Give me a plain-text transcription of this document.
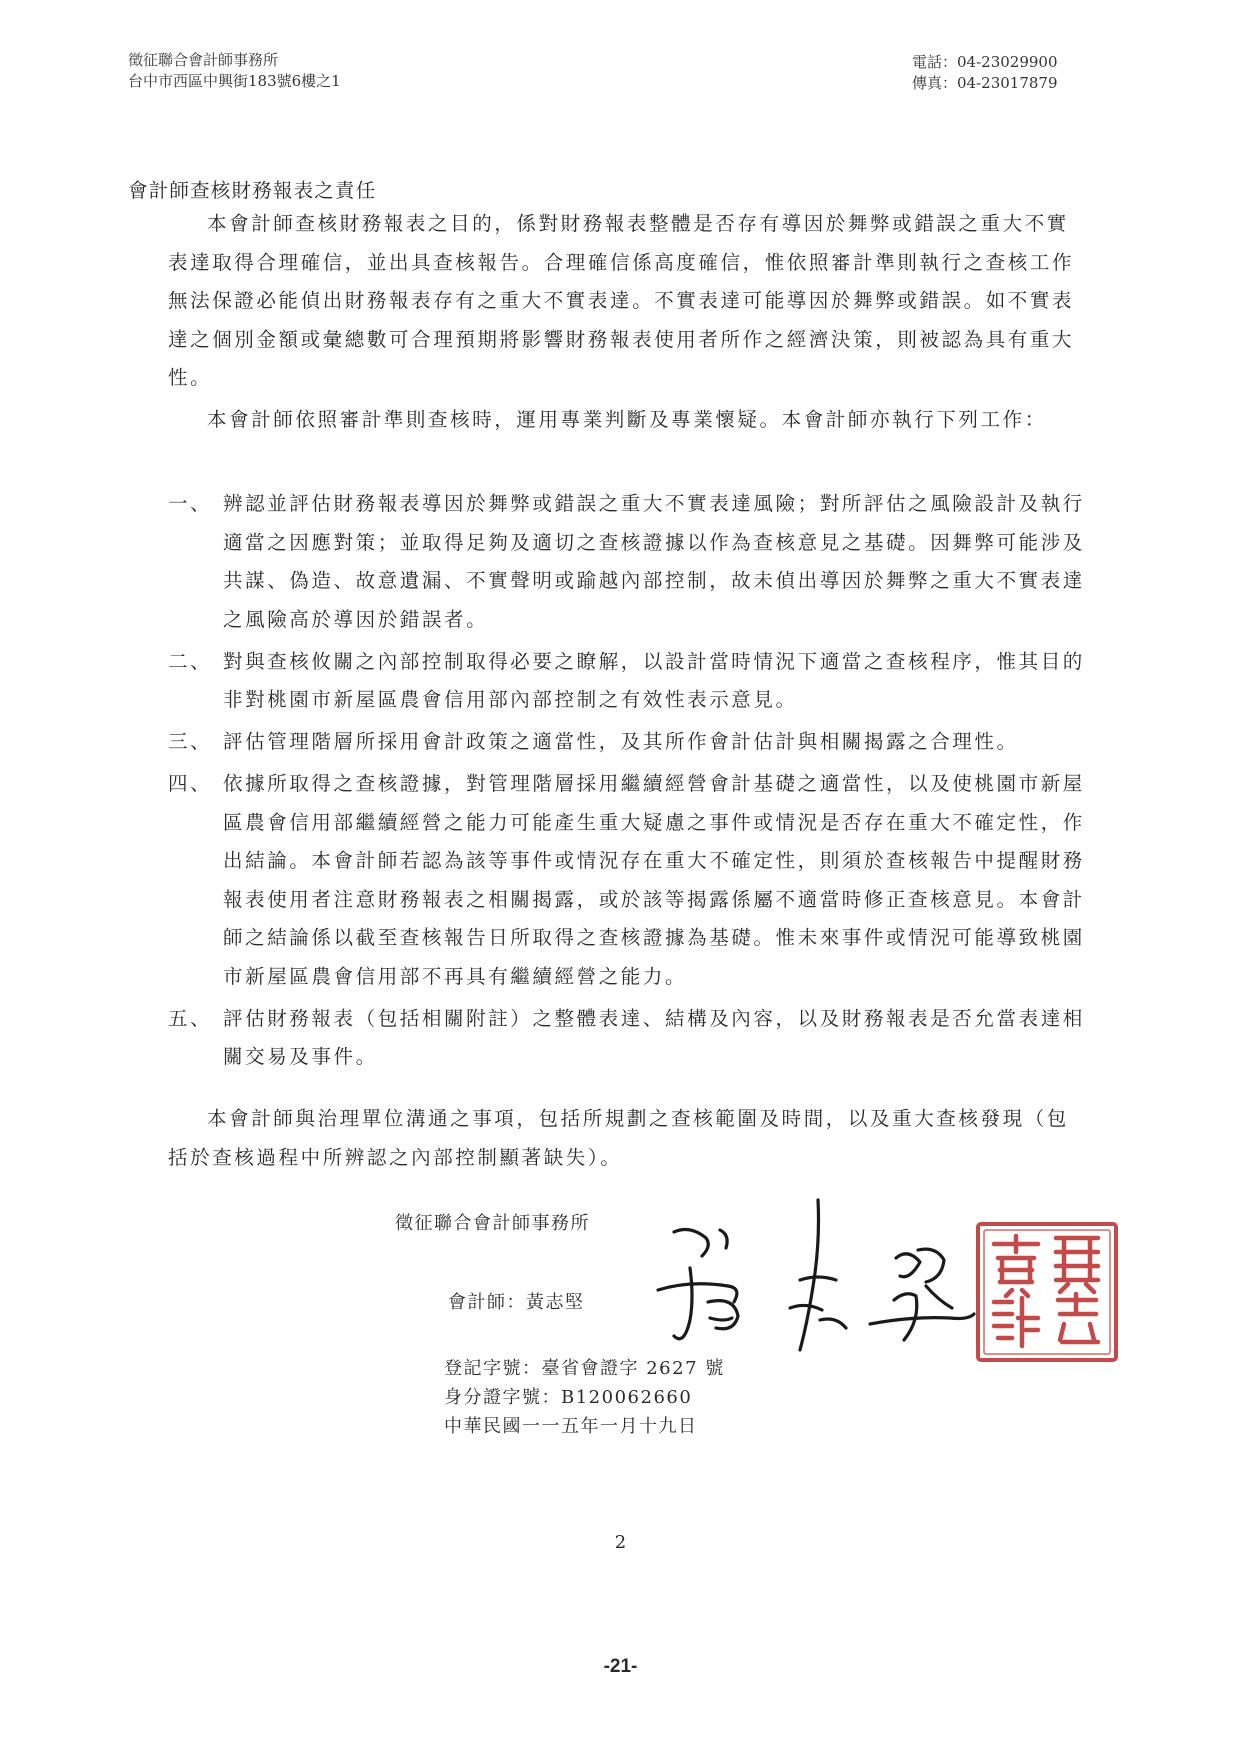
徵征聯合會計師事務所
台中市西區中興街183號6樓之1
電話：04-23029900
傳真：04-23017879
會計師查核財務報表之責任

本會計師查核財務報表之目的，係對財務報表整體是否存有導因於舞弊或錯誤之重大不實表達取得合理確信，並出具查核報告。合理確信係高度確信，惟依照審計準則執行之查核工作無法保證必能偵出財務報表存有之重大不實表達。不實表達可能導因於舞弊或錯誤。如不實表達之個別金額或彙總數可合理預期將影響財務報表使用者所作之經濟決策，則被認為具有重大性。

本會計師依照審計準則查核時，運用專業判斷及專業懷疑。本會計師亦執行下列工作：

一、 辨認並評估財務報表導因於舞弊或錯誤之重大不實表達風險；對所評估之風險設計及執行適當之因應對策；並取得足夠及適切之查核證據以作為查核意見之基礎。因舞弊可能涉及共謀、偽造、故意遺漏、不實聲明或踰越內部控制，故未偵出導因於舞弊之重大不實表達之風險高於導因於錯誤者。
二、 對與查核攸關之內部控制取得必要之瞭解，以設計當時情況下適當之查核程序，惟其目的非對桃園市新屋區農會信用部內部控制之有效性表示意見。
三、 評估管理階層所採用會計政策之適當性，及其所作會計估計與相關揭露之合理性。
四、 依據所取得之查核證據，對管理階層採用繼續經營會計基礎之適當性，以及使桃園市新屋區農會信用部繼續經營之能力可能產生重大疑慮之事件或情況是否存在重大不確定性，作出結論。本會計師若認為該等事件或情況存在重大不確定性，則須於查核報告中提醒財務報表使用者注意財務報表之相關揭露，或於該等揭露係屬不適當時修正查核意見。本會計師之結論係以截至查核報告日所取得之查核證據為基礎。惟未來事件或情況可能導致桃園市新屋區農會信用部不再具有繼續經營之能力。
五、 評估財務報表（包括相關附註）之整體表達、結構及內容，以及財務報表是否允當表達相關交易及事件。

本會計師與治理單位溝通之事項，包括所規劃之查核範圍及時間，以及重大查核發現（包括於查核過程中所辨認之內部控制顯著缺失）。

徵征聯合會計師事務所
會計師：黃志堅
登記字號：臺省會證字 2627 號
身分證字號：B120062660
中華民國一一五年一月十九日
2
-21-
